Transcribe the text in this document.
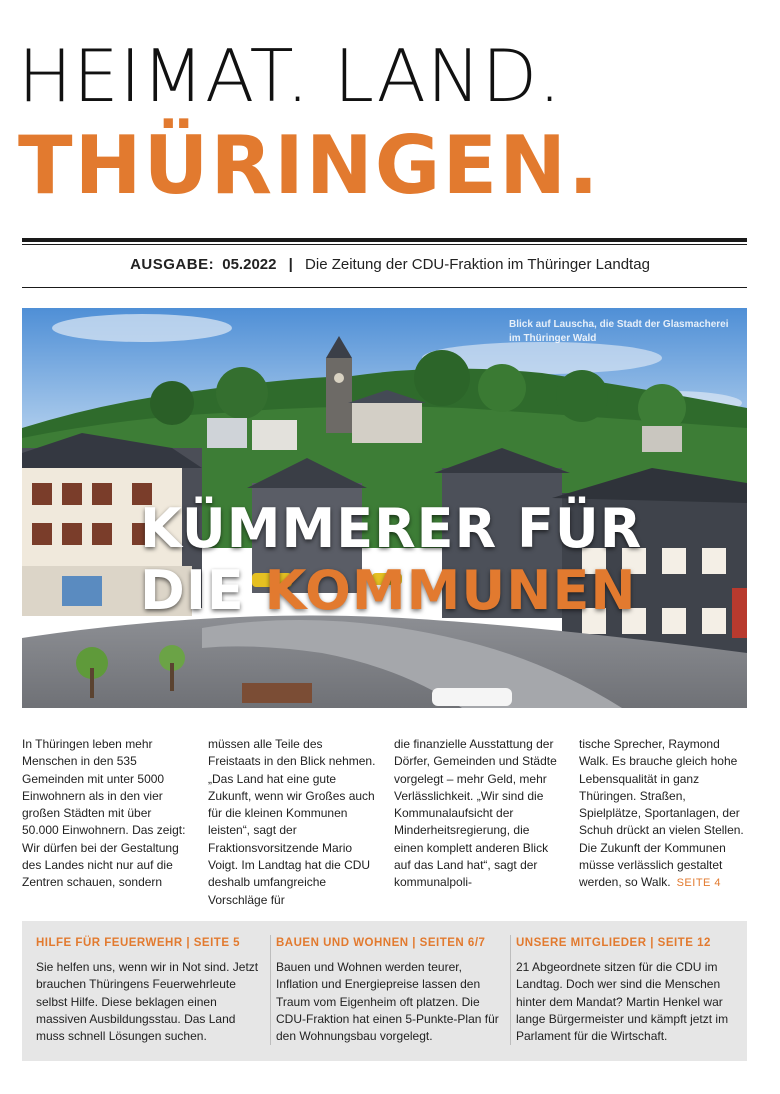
HEIMAT. LAND.
THÜRINGEN.
AUSGABE: 05.2022 | Die Zeitung der CDU-Fraktion im Thüringer Landtag
Blick auf Lauscha, die Stadt der Glasmacherei im Thüringer Wald
KÜMMERER FÜR
DIE KOMMUNEN
In Thüringen leben mehr Menschen in den 535 Gemeinden mit unter 5000 Einwohnern als in den vier großen Städten mit über 50.000 Einwohnern. Das zeigt: Wir dürfen bei der Gestaltung des Landes nicht nur auf die Zentren schauen, sondern
müssen alle Teile des Freistaats in den Blick nehmen. „Das Land hat eine gute Zukunft, wenn wir Großes auch für die kleinen Kommunen leisten“, sagt der Fraktionsvorsitzende Mario Voigt. Im Landtag hat die CDU deshalb umfangreiche Vorschläge für
die finanzielle Ausstattung der Dörfer, Gemeinden und Städte vorgelegt – mehr Geld, mehr Verlässlichkeit. „Wir sind die Kommunalaufsicht der Minderheitsregierung, die einen komplett anderen Blick auf das Land hat“, sagt der kommunalpoli-
tische Sprecher, Raymond Walk. Es brauche gleich hohe Lebensqualität in ganz Thüringen. Straßen, Spielplätze, Sportanlagen, der Schuh drückt an vielen Stellen. Die Zukunft der Kommunen müsse verlässlich gestaltet werden, so Walk. SEITE 4
HILFE FÜR FEUERWEHR | SEITE 5
Sie helfen uns, wenn wir in Not sind. Jetzt brauchen Thüringens Feuerwehrleute selbst Hilfe. Diese beklagen einen massiven Ausbildungsstau. Das Land muss schnell Lösungen suchen.
BAUEN UND WOHNEN | SEITEN 6/7
Bauen und Wohnen werden teurer, Inflation und Energiepreise lassen den Traum vom Eigenheim oft platzen. Die CDU-Fraktion hat einen 5-Punkte-Plan für den Wohnungsbau vorgelegt.
UNSERE MITGLIEDER | SEITE 12
21 Abgeordnete sitzen für die CDU im Landtag. Doch wer sind die Menschen hinter dem Mandat? Martin Henkel war lange Bürgermeister und kämpft jetzt im Parlament für die Wirtschaft.
